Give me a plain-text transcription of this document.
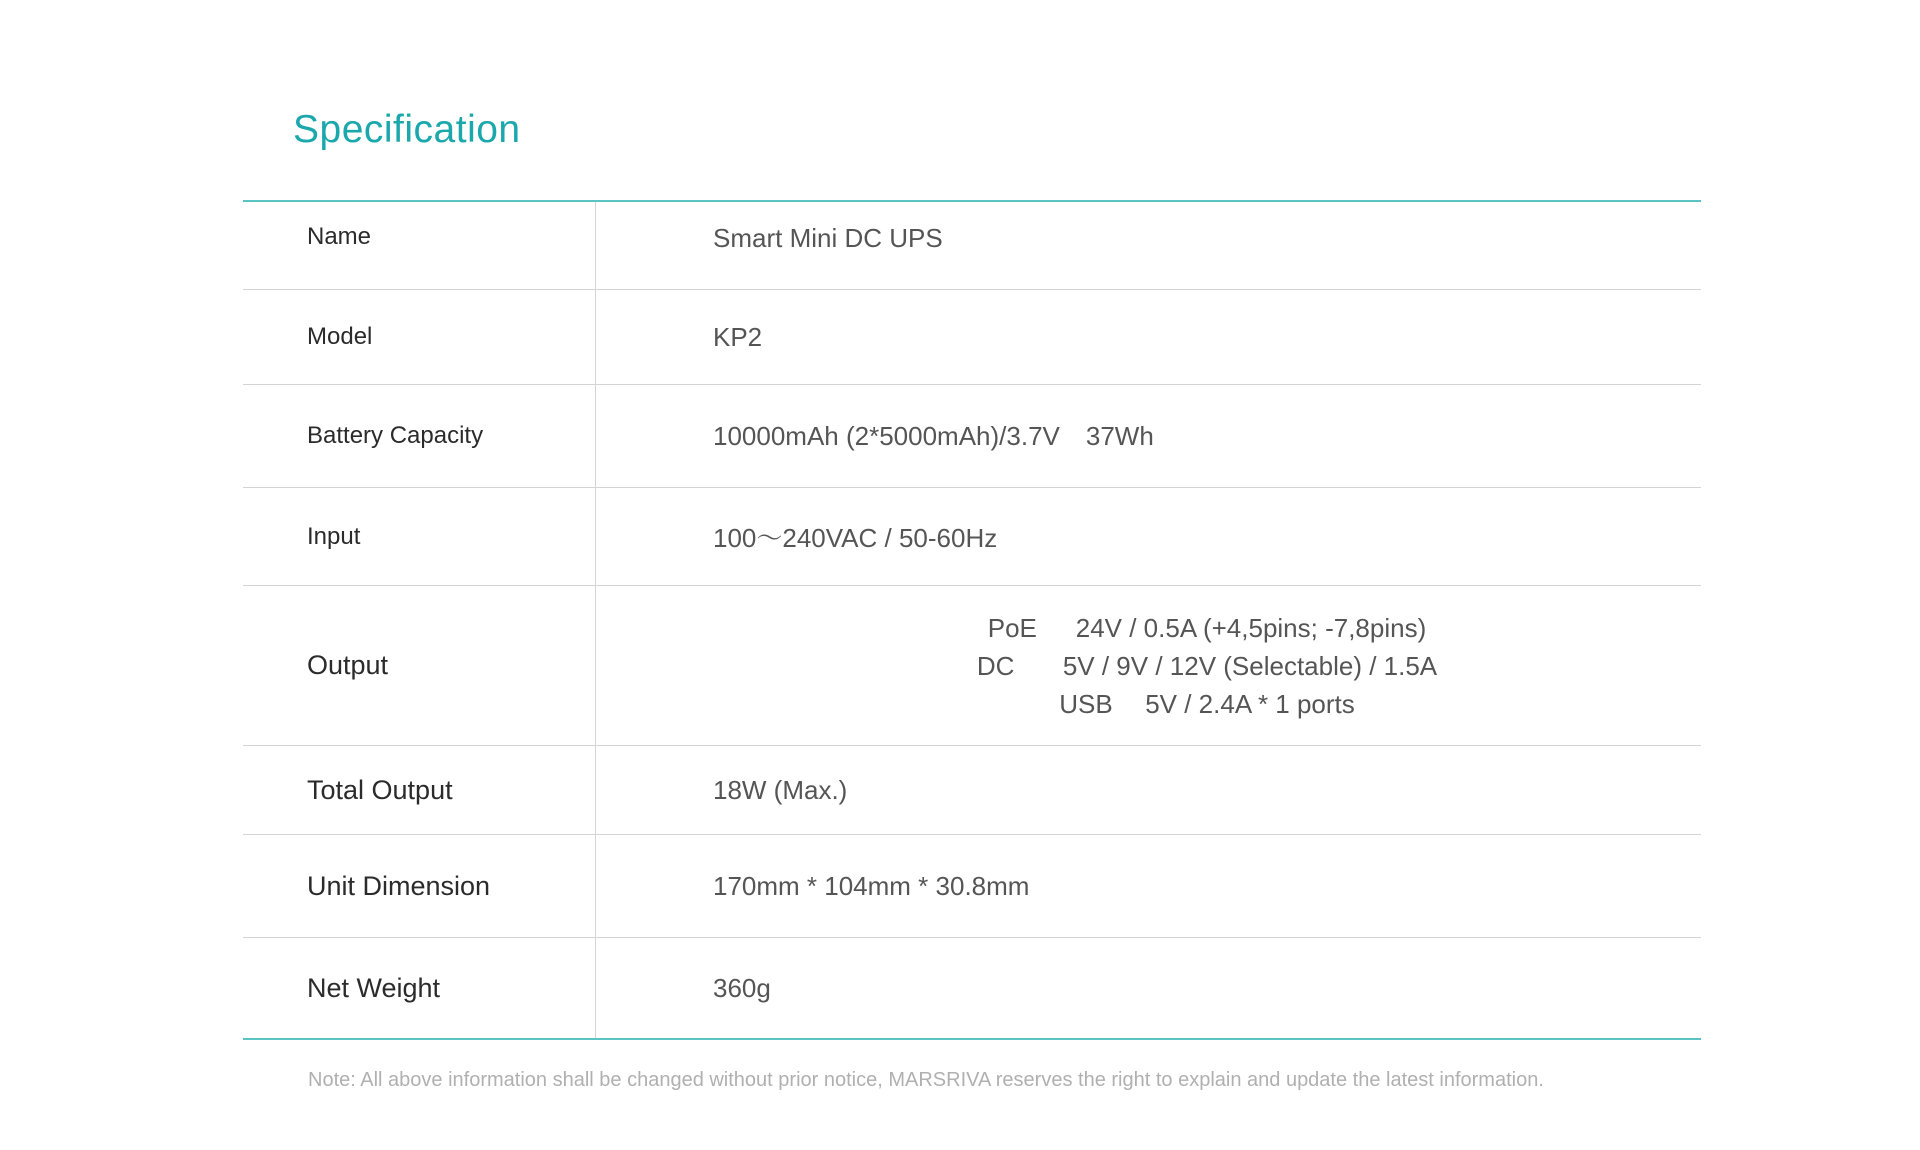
Specification
Name	Smart Mini DC UPS
Model	KP2
Battery Capacity	10000mAh (2*5000mAh)/3.7V 37Wh
Input	100～240VAC / 50-60Hz
Output
PoE	24V / 0.5A (+4,5pins; -7,8pins)
DC	5V / 9V / 12V (Selectable) / 1.5A
USB	5V / 2.4A * 1 ports
Total Output	18W (Max.)
Unit Dimension	170mm * 104mm * 30.8mm
Net Weight	360g

Note: All above information shall be changed without prior notice, MARSRIVA reserves the right to explain and update the latest information.
